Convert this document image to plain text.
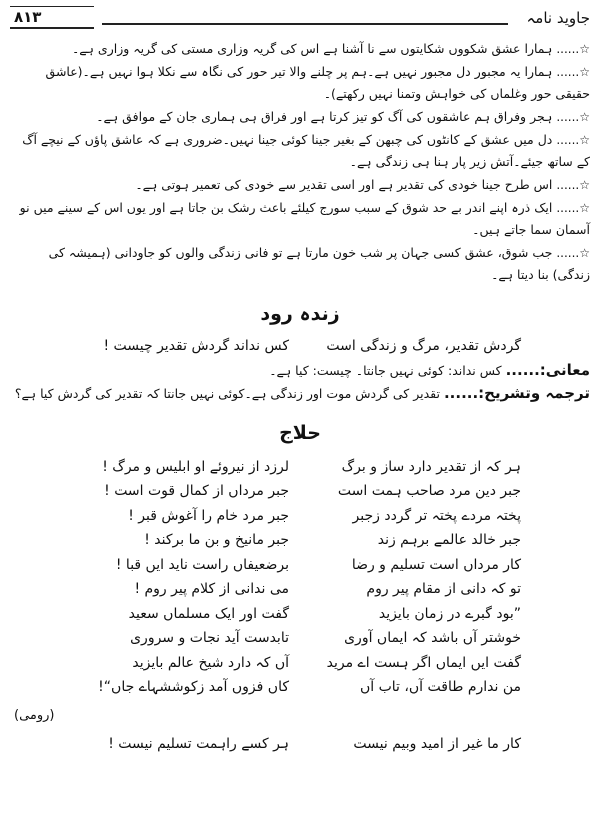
جاوید نامہ
۸۱۳

☆...... ہمارا عشق شکووں شکایتوں سے نا آشنا ہے اس کی گریہ وزاری مستی کی گریہ وزاری ہے۔

☆...... ہمارا یہ مجبور دل مجبور نہیں ہے۔ہم پر چلنے والا تیر حور کی نگاہ سے نکلا ہوا نہیں ہے۔(عاشق حقیقی حور وغلماں کی خواہش وتمنا نہیں رکھتے)۔

☆...... ہجر وفراق ہم عاشقوں کی آگ کو تیز کرتا ہے اور فراق ہی ہماری جان کے موافق ہے۔

☆...... دل میں عشق کے کانٹوں کی چبھن کے بغیر جینا کوئی جینا نہیں۔ضروری ہے کہ عاشق پاؤں کے نیچے آگ کے ساتھ جیئے۔آتش زیر پار ہنا ہی زندگی ہے۔

☆...... اس طرح جینا خودی کی تقدیر ہے اور اسی تقدیر سے خودی کی تعمیر ہوتی ہے۔

☆...... ایک ذرہ اپنے اندر بے حد شوق کے سبب سورج کیلئے باعث رشک بن جاتا ہے اور یوں اس کے سینے میں نو آسمان سما جاتے ہیں۔

☆...... جب شوق، عشق کسی جہان پر شب خون مارتا ہے تو فانی زندگی والوں کو جاودانی (ہمیشہ کی زندگی) بنا دیتا ہے۔

زندہ رود
گردش تقدیر، مرگ و زندگی است
کس نداند گردش تقدیر چیست !
معانی:...... کس نداند: کوئی نہیں جانتا۔ چیست: کیا ہے۔
ترجمہ وتشریح:...... تقدیر کی گردش موت اور زندگی ہے۔کوئی نہیں جانتا کہ تقدیر کی گردش کیا ہے؟
حلاج
ہر کہ از تقدیر دارد ساز و برگ
لرزد از نیروئے او ابلیس و مرگ !
جبر دین مرد صاحب ہمت است
جبر مرداں از کمال قوت است !
پختہ مردے پختہ تر گردد زجبر
جبر مرد خام را آغوش قبر !
جبر خالد عالمے برہم زند
جبر مانیخ و بن ما برکند !
کار مرداں است تسلیم و رضا
برضعیفاں راست ناید ایں قبا !
تو کہ دانی از مقام پیر روم
می ندانی از کلام پیر روم !
”بود گبرے در زمان بایزید
گفت اور ایک مسلماں سعید
خوشتر آں باشد کہ ایماں آوری
تابدست آید نجات و سروری
گفت ایں ایماں اگر ہست اے مرید
آں کہ دارد شیخ عالم بایزید
من ندارم طاقت آں، تاب آں
کاں فزوں آمد زکوششہاے جاں“!
(رومی)
کار ما غیر از امید وبیم نیست
ہر کسے راہمت تسلیم نیست !
